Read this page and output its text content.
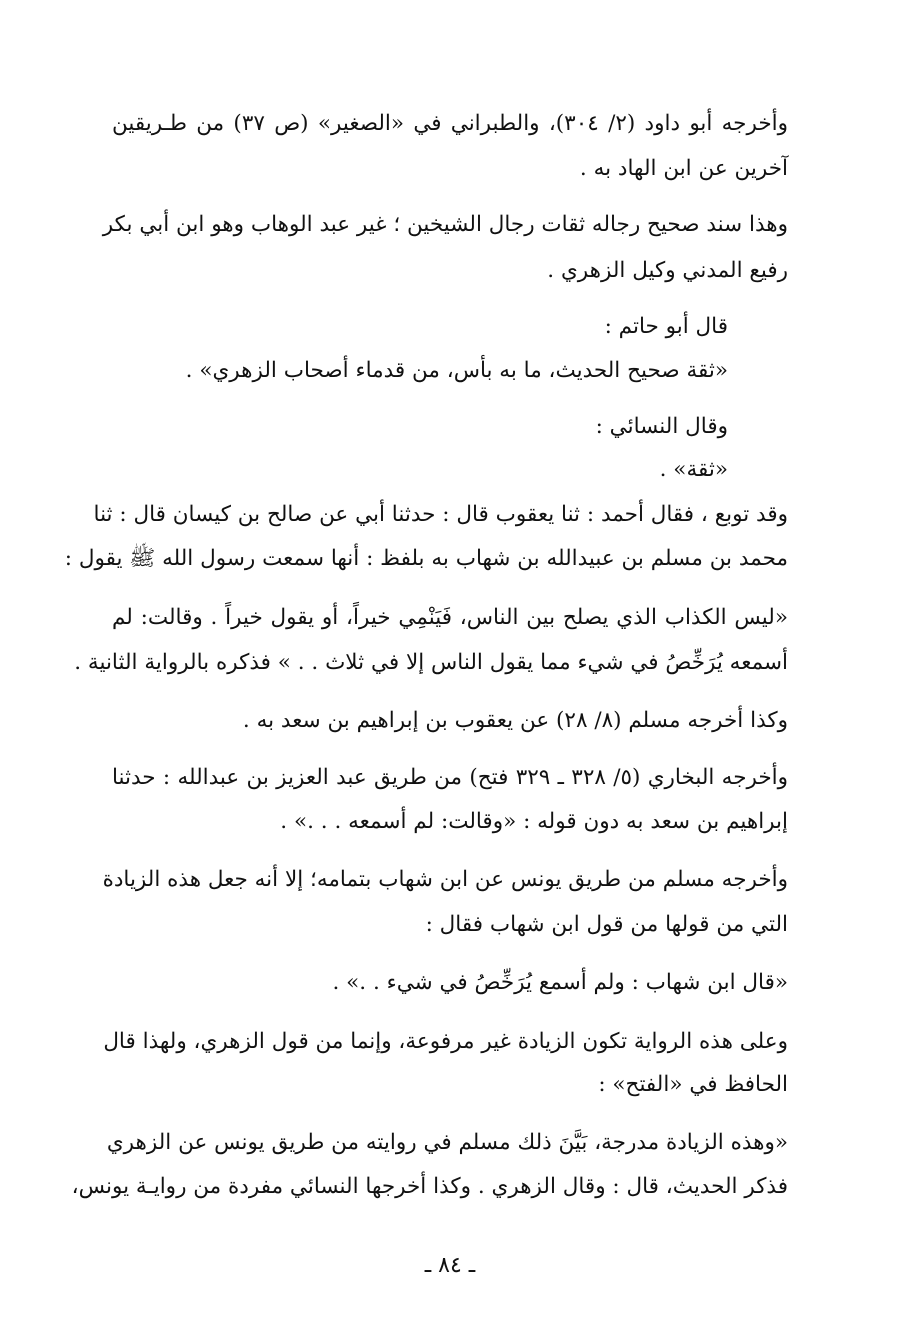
وأخرجه أبو داود (٢/ ٣٠٤)، والطبراني في «الصغير» (ص ٣٧) من طـريقين
آخرين عن ابن الهاد به .
وهذا سند صحيح رجاله ثقات رجال الشيخين ؛ غير عبد الوهاب وهو ابن أبي بكر
رفيع المدني وكيل الزهري .
قال أبو حاتم :
«ثقة صحيح الحديث، ما به بأس، من قدماء أصحاب الزهري» .
وقال النسائي :
«ثقة» .
وقد توبع ، فقال أحمد : ثنا يعقوب قال : حدثنا أبي عن صالح بن كيسان قال : ثنا
محمد بن مسلم بن عبيدالله بن شهاب به بلفظ : أنها سمعت رسول الله ﷺ يقول :
«ليس الكذاب الذي يصلح بين الناس، فَيَنْمِي خيراً، أو يقول خيراً . وقالت: لم
أسمعه يُرَخِّصُ في شيء مما يقول الناس إلا في ثلاث . . » فذكره بالرواية الثانية .
وكذا أخرجه مسلم (٨/ ٢٨) عن يعقوب بن إبراهيم بن سعد به .
وأخرجه البخاري (٥/ ٣٢٨ ـ ٣٢٩ فتح) من طريق عبد العزيز بن عبدالله : حدثنا
إبراهيم بن سعد به دون قوله : «وقالت: لم أسمعه . . .» .
وأخرجه مسلم من طريق يونس عن ابن شهاب بتمامه؛ إلا أنه جعل هذه الزيادة
التي من قولها من قول ابن شهاب فقال :
«قال ابن شهاب : ولم أسمع يُرَخِّصُ في شيء . .» .
وعلى هذه الرواية تكون الزيادة غير مرفوعة، وإنما من قول الزهري، ولهذا قال
الحافظ في «الفتح» :
«وهذه الزيادة مدرجة، بَيَّنَ ذلك مسلم في روايته من طريق يونس عن الزهري
فذكر الحديث، قال : وقال الزهري . وكذا أخرجها النسائي مفردة من روايـة يونس،
ـ ٨٤ ـ
